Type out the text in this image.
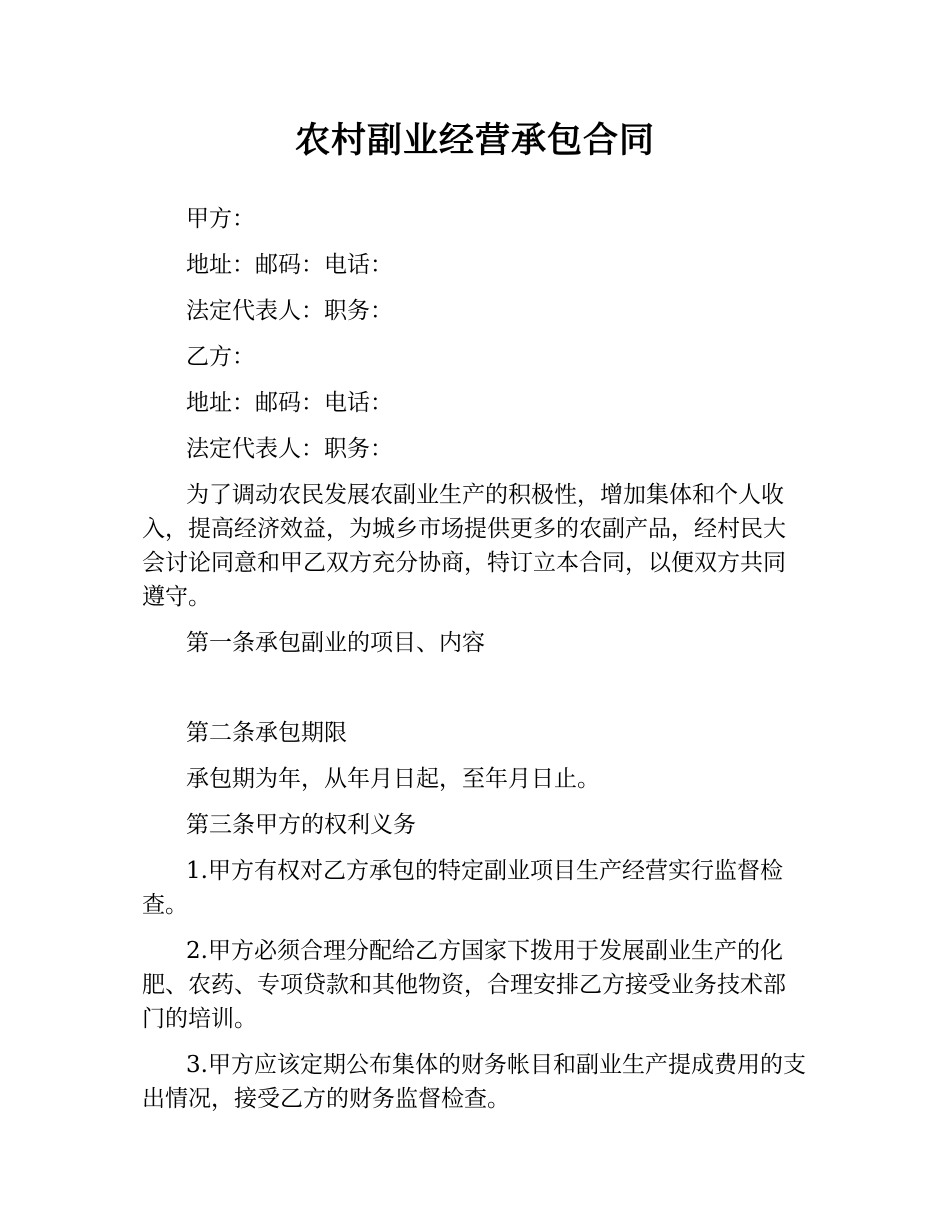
农村副业经营承包合同

甲方：

地址：邮码：电话：

法定代表人：职务：

乙方：

地址：邮码：电话：

法定代表人：职务：

为了调动农民发展农副业生产的积极性，增加集体和个人收入，提高经济效益，为城乡市场提供更多的农副产品，经村民大会讨论同意和甲乙双方充分协商，特订立本合同，以便双方共同遵守。

第一条承包副业的项目、内容

第二条承包期限

承包期为年，从年月日起，至年月日止。

第三条甲方的权利义务

1.甲方有权对乙方承包的特定副业项目生产经营实行监督检查。

2.甲方必须合理分配给乙方国家下拨用于发展副业生产的化肥、农药、专项贷款和其他物资，合理安排乙方接受业务技术部门的培训。

3.甲方应该定期公布集体的财务帐目和副业生产提成费用的支出情况，接受乙方的财务监督检查。
